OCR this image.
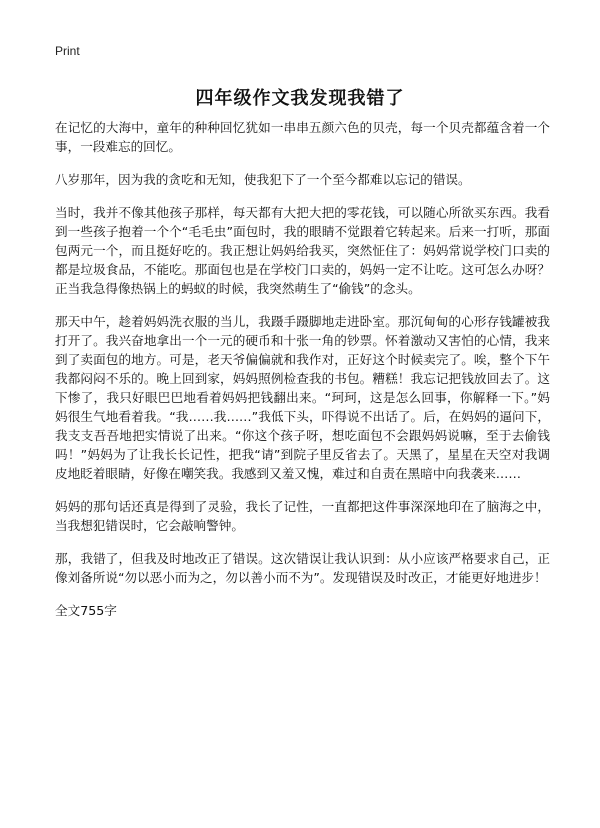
Print
四年级作文我发现我错了

在记忆的大海中，童年的种种回忆犹如一串串五颜六色的贝壳，每一个贝壳都蕴含着一个事，一段难忘的回忆。

八岁那年，因为我的贪吃和无知，使我犯下了一个至今都难以忘记的错误。

当时，我并不像其他孩子那样，每天都有大把大把的零花钱，可以随心所欲买东西。我看到一些孩子抱着一个个“毛毛虫”面包时，我的眼睛不觉跟着它转起来。后来一打听，那面包两元一个，而且挺好吃的。我正想让妈妈给我买，突然怔住了：妈妈常说学校门口卖的都是垃圾食品，不能吃。那面包也是在学校门口卖的，妈妈一定不让吃。这可怎么办呀？正当我急得像热锅上的蚂蚁的时候，我突然萌生了“偷钱”的念头。

那天中午，趁着妈妈洗衣服的当儿，我蹑手蹑脚地走进卧室。那沉甸甸的心形存钱罐被我打开了。我兴奋地拿出一个一元的硬币和十张一角的钞票。怀着激动又害怕的心情，我来到了卖面包的地方。可是，老天爷偏偏就和我作对，正好这个时候卖完了。唉，整个下午我都闷闷不乐的。晚上回到家，妈妈照例检查我的书包。糟糕！我忘记把钱放回去了。这下惨了，我只好眼巴巴地看着妈妈把钱翻出来。“珂珂，这是怎么回事，你解释一下。”妈妈很生气地看着我。“我……我……”我低下头，吓得说不出话了。后，在妈妈的逼问下，我支支吾吾地把实情说了出来。“你这个孩子呀，想吃面包不会跟妈妈说嘛，至于去偷钱吗！”妈妈为了让我长长记性，把我“请”到院子里反省去了。天黑了，星星在天空对我调皮地眨着眼睛，好像在嘲笑我。我感到又羞又愧，难过和自责在黑暗中向我袭来……

妈妈的那句话还真是得到了灵验，我长了记性，一直都把这件事深深地印在了脑海之中，当我想犯错误时，它会敲响警钟。

那，我错了，但我及时地改正了错误。这次错误让我认识到：从小应该严格要求自己，正像刘备所说“勿以恶小而为之，勿以善小而不为”。发现错误及时改正，才能更好地进步！

全文755字
